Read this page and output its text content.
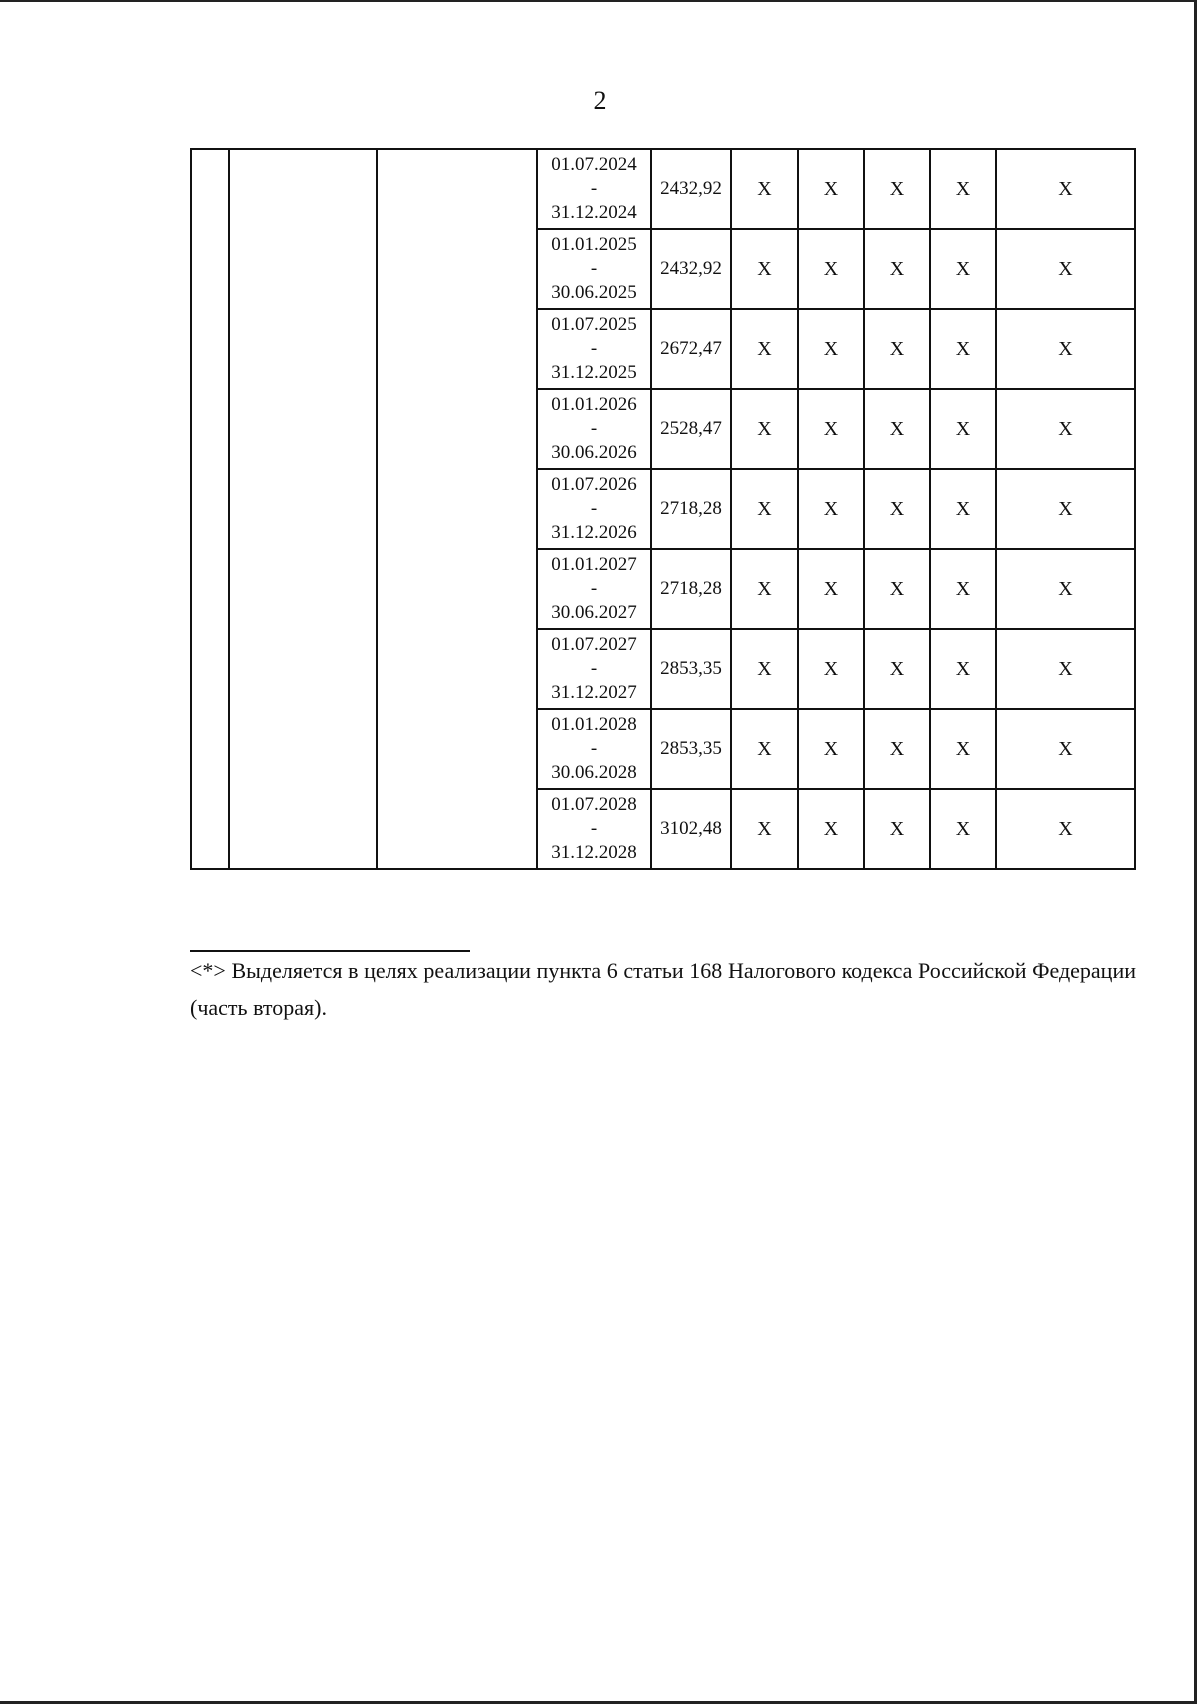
2

			01.07.2024
-
31.12.2024	2432,92	X	X	X	X	X

			01.01.2025
-
30.06.2025	2432,92	X	X	X	X	X

			01.07.2025
-
31.12.2025	2672,47	X	X	X	X	X

			01.01.2026
-
30.06.2026	2528,47	X	X	X	X	X

			01.07.2026
-
31.12.2026	2718,28	X	X	X	X	X

			01.01.2027
-
30.06.2027	2718,28	X	X	X	X	X

			01.07.2027
-
31.12.2027	2853,35	X	X	X	X	X

			01.01.2028
-
30.06.2028	2853,35	X	X	X	X	X

			01.07.2028
-
31.12.2028	3102,48	X	X	X	X	X
<*> Выделяется в целях реализации пункта 6 статьи 168 Налогового кодекса Российской Федерации (часть вторая).
